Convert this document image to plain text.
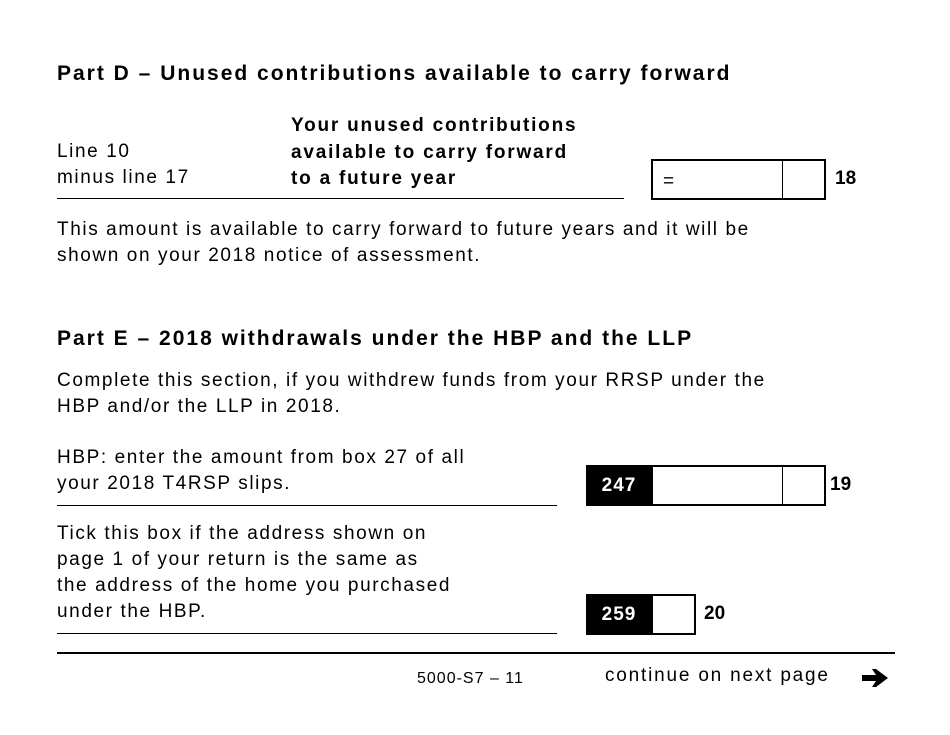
Part D – Unused contributions available to carry forward
Line 10
minus line 17
Your unused contributions
available to carry forward
to a future year	=	18
This amount is available to carry forward to future years and it will be
shown on your 2018 notice of assessment.
Part E – 2018 withdrawals under the HBP and the LLP
Complete this section, if you withdrew funds from your RRSP under the
HBP and/or the LLP in 2018.
HBP: enter the amount from box 27 of all
your 2018 T4RSP slips.	247	19
Tick this box if the address shown on
page 1 of your return is the same as
the address of the home you purchased
under the HBP.	259	20
5000-S7 – 11	continue on next page
